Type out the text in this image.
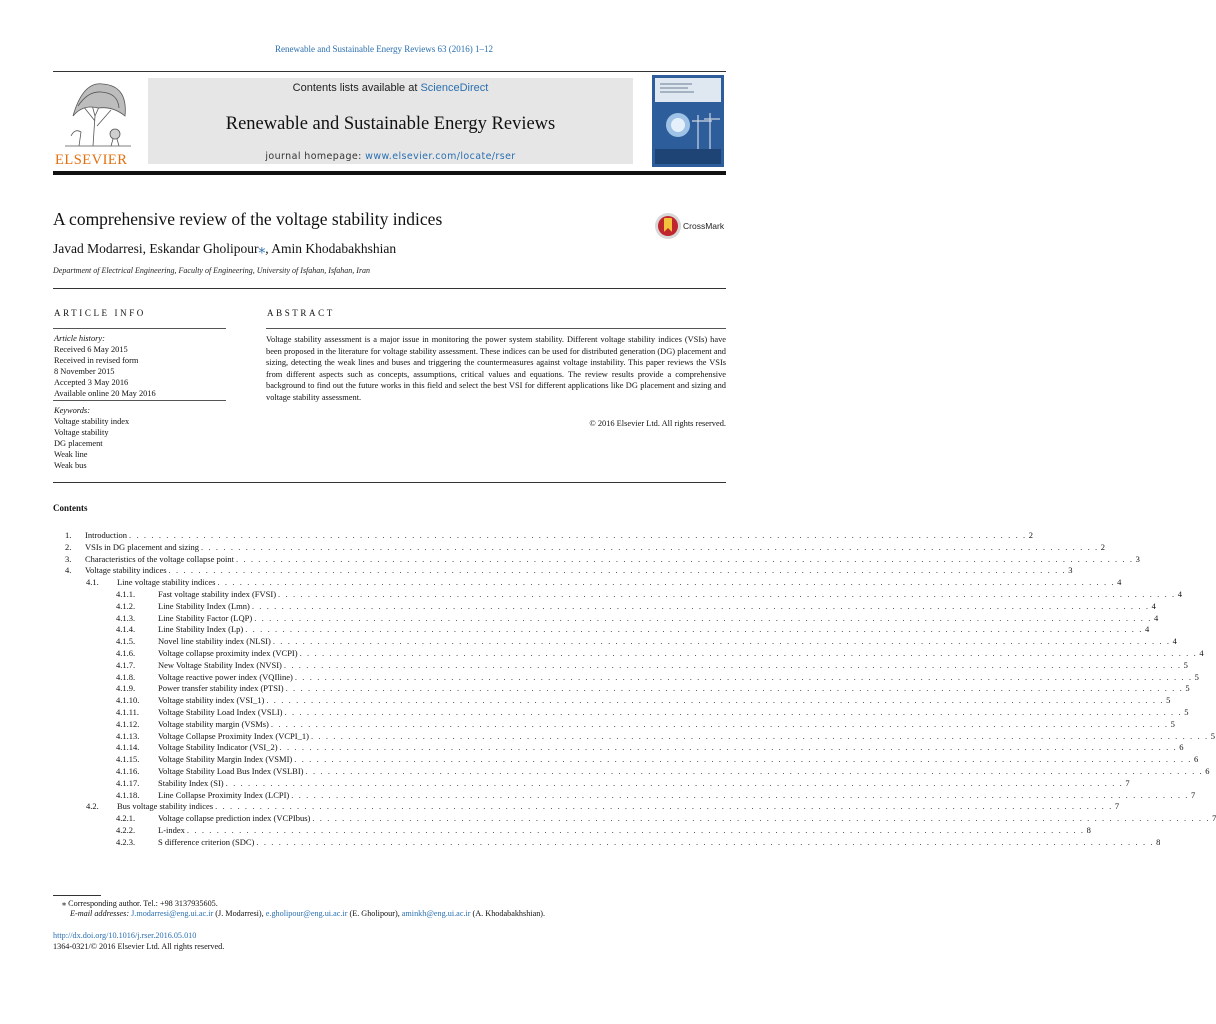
Renewable and Sustainable Energy Reviews 63 (2016) 1–12
ELSEVIER
Contents lists available at ScienceDirect
Renewable and Sustainable Energy Reviews
journal homepage: www.elsevier.com/locate/rser
A comprehensive review of the voltage stability indices	CrossMark
Javad Modarresi, Eskandar Gholipour⁎, Amin Khodabakhshian
Department of Electrical Engineering, Faculty of Engineering, University of Isfahan, Isfahan, Iran
ARTICLE INFO	ABSTRACT
Article history:
Received 6 May 2015
Received in revised form
8 November 2015
Accepted 3 May 2016
Available online 20 May 2016
Keywords:
Voltage stability index
Voltage stability
DG placement
Weak line
Weak bus
Voltage stability assessment is a major issue in monitoring the power system stability. Different voltage stability indices (VSIs) have been proposed in the literature for voltage stability assessment. These indices can be used for distributed generation (DG) placement and sizing, detecting the weak lines and buses and triggering the countermeasures against voltage instability. This paper reviews the VSIs from different aspects such as concepts, assumptions, critical values and equations. The review results provide a comprehensive background to find out the future works in this field and select the best VSI for different applications like DG placement and sizing and voltage stability assessment.
© 2016 Elsevier Ltd. All rights reserved.
Contents
1. Introduction . . . . . . . . . . . . . . . . . . . . . . . . . . . . . . . . . . . . . . . . . . . . . . . . . . . . . . . . . . . . . . . . . . . . . . . . . . . . . . . . . . . . . . . . . . . . . . . . . . . . . . . . . . . . . . . . . . . . . . . . . 2
2. VSIs in DG placement and sizing . . . . . . . . . . . . . . . . . . . . . . . . . . . . . . . . . . . . . . . . . . . . . . . . . . . . . . . . . . . . . . . . . . . . . . . . . . . . . . . . . . . . . . . . . . . . . . . . . . . . . . . . . . . . . . . . . . . . . . . . . 2
3. Characteristics of the voltage collapse point . . . . . . . . . . . . . . . . . . . . . . . . . . . . . . . . . . . . . . . . . . . . . . . . . . . . . . . . . . . . . . . . . . . . . . . . . . . . . . . . . . . . . . . . . . . . . . . . . . . . . . . . . . . . . . . . . . . . . . . . . 3
4. Voltage stability indices . . . . . . . . . . . . . . . . . . . . . . . . . . . . . . . . . . . . . . . . . . . . . . . . . . . . . . . . . . . . . . . . . . . . . . . . . . . . . . . . . . . . . . . . . . . . . . . . . . . . . . . . . . . . . . . . . . . . . . . . . 3
4.1. Line voltage stability indices . . . . . . . . . . . . . . . . . . . . . . . . . . . . . . . . . . . . . . . . . . . . . . . . . . . . . . . . . . . . . . . . . . . . . . . . . . . . . . . . . . . . . . . . . . . . . . . . . . . . . . . . . . . . . . . . . . . . . . . . . 4
4.1.1.	Fast voltage stability index (FVSI) . . . . . . . . . . . . . . . . . . . . . . . . . . . . . . . . . . . . . . . . . . . . . . . . . . . . . . . . . . . . . . . . . . . . . . . . . . . . . . . . . . . . . . . . . . . . . . . . . . . . . . . . . . . . . . . . . . . . . . . . . 4
4.1.2.	Line Stability Index (Lmn) . . . . . . . . . . . . . . . . . . . . . . . . . . . . . . . . . . . . . . . . . . . . . . . . . . . . . . . . . . . . . . . . . . . . . . . . . . . . . . . . . . . . . . . . . . . . . . . . . . . . . . . . . . . . . . . . . . . . . . . . . 4
4.1.3.	Line Stability Factor (LQP) . . . . . . . . . . . . . . . . . . . . . . . . . . . . . . . . . . . . . . . . . . . . . . . . . . . . . . . . . . . . . . . . . . . . . . . . . . . . . . . . . . . . . . . . . . . . . . . . . . . . . . . . . . . . . . . . . . . . . . . . . 4
4.1.4.	Line Stability Index (Lp) . . . . . . . . . . . . . . . . . . . . . . . . . . . . . . . . . . . . . . . . . . . . . . . . . . . . . . . . . . . . . . . . . . . . . . . . . . . . . . . . . . . . . . . . . . . . . . . . . . . . . . . . . . . . . . . . . . . . . . . . . 4
4.1.5.	Novel line stability index (NLSI) . . . . . . . . . . . . . . . . . . . . . . . . . . . . . . . . . . . . . . . . . . . . . . . . . . . . . . . . . . . . . . . . . . . . . . . . . . . . . . . . . . . . . . . . . . . . . . . . . . . . . . . . . . . . . . . . . . . . . . . . . 4
4.1.6.	Voltage collapse proximity index (VCPI) . . . . . . . . . . . . . . . . . . . . . . . . . . . . . . . . . . . . . . . . . . . . . . . . . . . . . . . . . . . . . . . . . . . . . . . . . . . . . . . . . . . . . . . . . . . . . . . . . . . . . . . . . . . . . . . . . . . . . . . . . 4
4.1.7.	New Voltage Stability Index (NVSI) . . . . . . . . . . . . . . . . . . . . . . . . . . . . . . . . . . . . . . . . . . . . . . . . . . . . . . . . . . . . . . . . . . . . . . . . . . . . . . . . . . . . . . . . . . . . . . . . . . . . . . . . . . . . . . . . . . . . . . . . . 5
4.1.8.	Voltage reactive power index (VQIline) . . . . . . . . . . . . . . . . . . . . . . . . . . . . . . . . . . . . . . . . . . . . . . . . . . . . . . . . . . . . . . . . . . . . . . . . . . . . . . . . . . . . . . . . . . . . . . . . . . . . . . . . . . . . . . . . . . . . . . . . . 5
4.1.9.	Power transfer stability index (PTSI) . . . . . . . . . . . . . . . . . . . . . . . . . . . . . . . . . . . . . . . . . . . . . . . . . . . . . . . . . . . . . . . . . . . . . . . . . . . . . . . . . . . . . . . . . . . . . . . . . . . . . . . . . . . . . . . . . . . . . . . . . 5
4.1.10. Voltage stability index (VSI_1) . . . . . . . . . . . . . . . . . . . . . . . . . . . . . . . . . . . . . . . . . . . . . . . . . . . . . . . . . . . . . . . . . . . . . . . . . . . . . . . . . . . . . . . . . . . . . . . . . . . . . . . . . . . . . . . . . . . . . . . . . 5
4.1.11. Voltage Stability Load Index (VSLI) . . . . . . . . . . . . . . . . . . . . . . . . . . . . . . . . . . . . . . . . . . . . . . . . . . . . . . . . . . . . . . . . . . . . . . . . . . . . . . . . . . . . . . . . . . . . . . . . . . . . . . . . . . . . . . . . . . . . . . . . . 5
4.1.12. Voltage stability margin (VSMs) . . . . . . . . . . . . . . . . . . . . . . . . . . . . . . . . . . . . . . . . . . . . . . . . . . . . . . . . . . . . . . . . . . . . . . . . . . . . . . . . . . . . . . . . . . . . . . . . . . . . . . . . . . . . . . . . . . . . . . . . . 5
4.1.13. Voltage Collapse Proximity Index (VCPI_1) . . . . . . . . . . . . . . . . . . . . . . . . . . . . . . . . . . . . . . . . . . . . . . . . . . . . . . . . . . . . . . . . . . . . . . . . . . . . . . . . . . . . . . . . . . . . . . . . . . . . . . . . . . . . . . . . . . . . . . . . . 5
4.1.14. Voltage Stability Indicator (VSI_2) . . . . . . . . . . . . . . . . . . . . . . . . . . . . . . . . . . . . . . . . . . . . . . . . . . . . . . . . . . . . . . . . . . . . . . . . . . . . . . . . . . . . . . . . . . . . . . . . . . . . . . . . . . . . . . . . . . . . . . . . . 6
4.1.15. Voltage Stability Margin Index (VSMI) . . . . . . . . . . . . . . . . . . . . . . . . . . . . . . . . . . . . . . . . . . . . . . . . . . . . . . . . . . . . . . . . . . . . . . . . . . . . . . . . . . . . . . . . . . . . . . . . . . . . . . . . . . . . . . . . . . . . . . . . . 6
4.1.16. Voltage Stability Load Bus Index (VSLBI) . . . . . . . . . . . . . . . . . . . . . . . . . . . . . . . . . . . . . . . . . . . . . . . . . . . . . . . . . . . . . . . . . . . . . . . . . . . . . . . . . . . . . . . . . . . . . . . . . . . . . . . . . . . . . . . . . . . . . . . . . 6
4.1.17. Stability Index (SI) . . . . . . . . . . . . . . . . . . . . . . . . . . . . . . . . . . . . . . . . . . . . . . . . . . . . . . . . . . . . . . . . . . . . . . . . . . . . . . . . . . . . . . . . . . . . . . . . . . . . . . . . . . . . . . . . . . . . . . . . . 7
4.1.18. Line Collapse Proximity Index (LCPI) . . . . . . . . . . . . . . . . . . . . . . . . . . . . . . . . . . . . . . . . . . . . . . . . . . . . . . . . . . . . . . . . . . . . . . . . . . . . . . . . . . . . . . . . . . . . . . . . . . . . . . . . . . . . . . . . . . . . . . . . . 7
4.2. Bus voltage stability indices . . . . . . . . . . . . . . . . . . . . . . . . . . . . . . . . . . . . . . . . . . . . . . . . . . . . . . . . . . . . . . . . . . . . . . . . . . . . . . . . . . . . . . . . . . . . . . . . . . . . . . . . . . . . . . . . . . . . . . . . . 7
4.2.1.	Voltage collapse prediction index (VCPIbus) . . . . . . . . . . . . . . . . . . . . . . . . . . . . . . . . . . . . . . . . . . . . . . . . . . . . . . . . . . . . . . . . . . . . . . . . . . . . . . . . . . . . . . . . . . . . . . . . . . . . . . . . . . . . . . . . . . . . . . . . . 7
4.2.2.	L-index . . . . . . . . . . . . . . . . . . . . . . . . . . . . . . . . . . . . . . . . . . . . . . . . . . . . . . . . . . . . . . . . . . . . . . . . . . . . . . . . . . . . . . . . . . . . . . . . . . . . . . . . . . . . . . . . . . . . . . . . . 8
4.2.3.	S difference criterion (SDC) . . . . . . . . . . . . . . . . . . . . . . . . . . . . . . . . . . . . . . . . . . . . . . . . . . . . . . . . . . . . . . . . . . . . . . . . . . . . . . . . . . . . . . . . . . . . . . . . . . . . . . . . . . . . . . . . . . . . . . . . . 8
⁎ Corresponding author. Tel.: +98 3137935605.
E-mail addresses: J.modarresi@eng.ui.ac.ir (J. Modarresi), e.gholipour@eng.ui.ac.ir (E. Gholipour), aminkh@eng.ui.ac.ir (A. Khodabakhshian).
http://dx.doi.org/10.1016/j.rser.2016.05.010
1364-0321/© 2016 Elsevier Ltd. All rights reserved.
